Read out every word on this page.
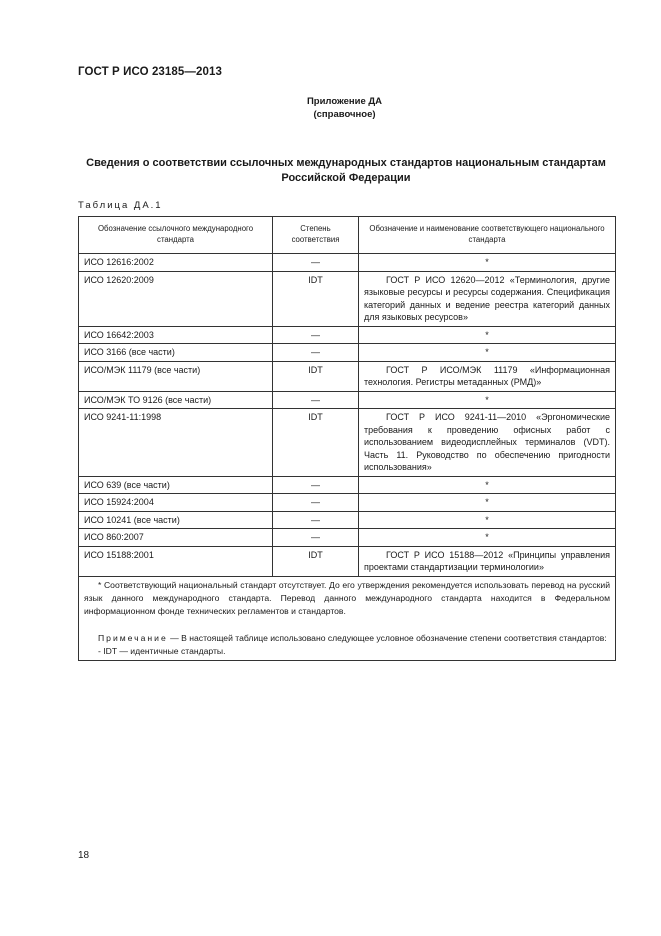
ГОСТ Р ИСО 23185—2013
Приложение ДА
(справочное)
Сведения о соответствии ссылочных международных стандартов национальным стандартам
Российской Федерации
Таблица ДА.1
Обозначение ссылочного международного стандарта	Степень соответствия	Обозначение и наименование соответствующего национального стандарта
ИСО 12616:2002	—	*
ИСО 12620:2009	IDT	ГОСТ Р ИСО 12620—2012 «Терминология, другие языковые ресурсы и ресурсы содержания. Спецификация категорий данных и ведение реестра категорий данных для языковых ресурсов»
ИСО 16642:2003	—	*
ИСО 3166 (все части)	—	*
ИСО/МЭК 11179 (все части)	IDT	ГОСТ Р ИСО/МЭК 11179 «Информационная технология. Регистры метаданных (РМД)»
ИСО/МЭК ТО 9126 (все части)	—	*
ИСО 9241-11:1998	IDT	ГОСТ Р ИСО 9241-11—2010 «Эргономические требования к проведению офисных работ с использованием видеодисплейных терминалов (VDT). Часть 11. Руководство по обеспечению пригодности использования»
ИСО 639 (все части)	—	*
ИСО 15924:2004	—	*
ИСО 10241 (все части)	—	*
ИСО 860:2007	—	*
ИСО 15188:2001	IDT	ГОСТ Р ИСО 15188—2012 «Принципы управления проектами стандартизации терминологии»

* Соответствующий национальный стандарт отсутствует. До его утверждения рекомендуется использовать перевод на русский язык данного международного стандарта. Перевод данного международного стандарта находится в Федеральном информационном фонде технических регламентов и стандартов.

Примечание — В настоящей таблице использовано следующее условное обозначение степени соответствия стандартов:

- IDT — идентичные стандарты.		

18
